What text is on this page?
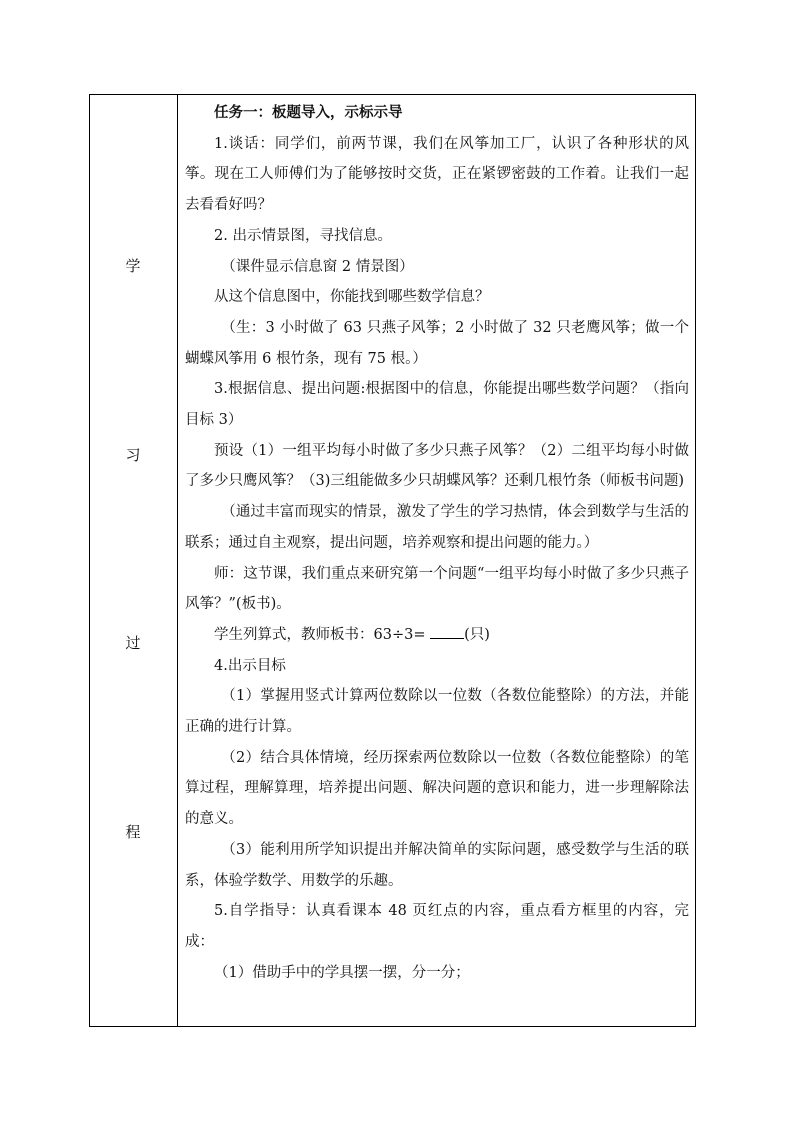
学
习
过
程

任务一：板题导入，示标示导

1.谈话：同学们，前两节课，我们在风筝加工厂，认识了各种形状的风筝。现在工人师傅们为了能够按时交货，正在紧锣密鼓的工作着。让我们一起去看看好吗？

2. 出示情景图，寻找信息。

（课件显示信息窗 2 情景图）

从这个信息图中，你能找到哪些数学信息？

（生：3 小时做了 63 只燕子风筝；2 小时做了 32 只老鹰风筝；做一个蝴蝶风筝用 6 根竹条，现有 75 根。）

3.根据信息、提出问题:根据图中的信息，你能提出哪些数学问题？（指向目标 3）

预设（1）一组平均每小时做了多少只燕子风筝？（2）二组平均每小时做了多少只鹰风筝？（3)三组能做多少只胡蝶风筝？还剩几根竹条（师板书问题)

（通过丰富而现实的情景，激发了学生的学习热情，体会到数学与生活的联系；通过自主观察，提出问题，培养观察和提出问题的能力。）

师：这节课，我们重点来研究第一个问题“一组平均每小时做了多少只燕子风筝？”(板书)。

学生列算式，教师板书：63÷3= (只)

4.出示目标

（1）掌握用竖式计算两位数除以一位数（各数位能整除）的方法，并能正确的进行计算。

（2）结合具体情境，经历探索两位数除以一位数（各数位能整除）的笔算过程，理解算理，培养提出问题、解决问题的意识和能力，进一步理解除法的意义。

（3）能利用所学知识提出并解决简单的实际问题，感受数学与生活的联系，体验学数学、用数学的乐趣。

5.自学指导：认真看课本 48 页红点的内容，重点看方框里的内容，完成：

（1）借助手中的学具摆一摆，分一分；
